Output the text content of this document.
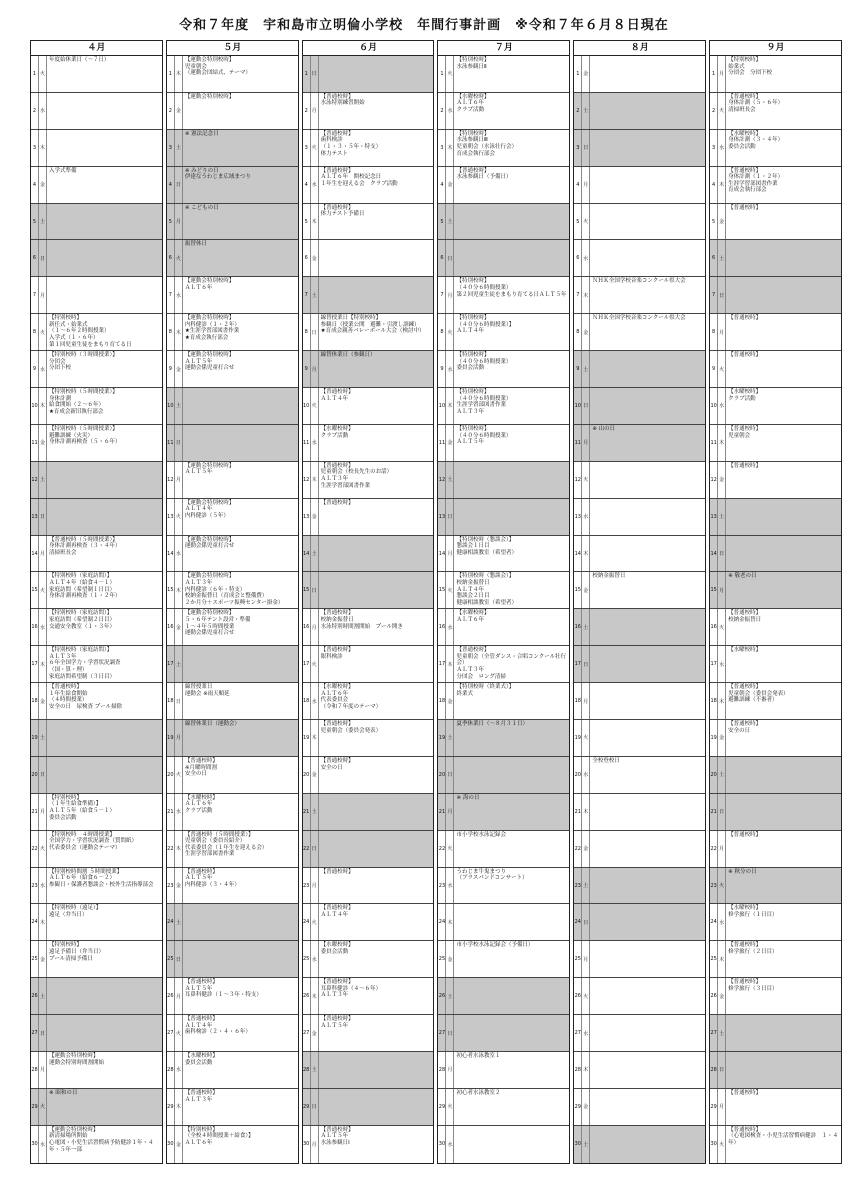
令和７年度　宇和島市立明倫小学校　年間行事計画　※令和７年６月８日現在
４月
1 火
年度始休業日（～７日）
2 水
3 木
4 金
入学式準備
5 土
6 日
7 月
8 火
【特別校時】
新任式・始業式
（１～６年２時間授業）
入学式（１・６年）
第１回児童生徒をまもり育てる日
9 水
【特別校時（３時間授業）】
分団会
分団下校
10 木
【特別校時（５時間授業）】
身体計測
給食開始（２～６年）
★育成会新旧執行部会
11 金
【特別校時（５時間授業）】
避難訓練（火災）
身体計測再検査（５・６年）
12 土
13 日
14 月
【普通校時（５時間授業）】
身体計測再検査（３・４年）
清掃班長会
15 火
【特別校時（家庭訪問）】
ＡＬＴ４年（給食４－１）
家庭訪問（希望制１日目）
身体計測再検査（１・２年）
16 水
【特別校時（家庭訪問）】
家庭訪問（希望制２日目）
交通安全教室（１・３年）
17 木
【特別校時（家庭訪問）】
ＡＬＴ３年
６年全国学力・学習状況調査
（国・算・理）
家庭訪問希望制（３日目）
18 金
【普通校時】
１年生給食開始
（４時間授業）
安全の日　尿検査 プール掃除
19 土
20 日
21 月
【特別校時】
（１年生給食準備）】
ＡＬＴ５年（給食５－１）
委員会活動
22 火
【特別校時　４時間授業】
全国学力・学習状況調査（質問紙）
代表委員会（運動会テーマ）
23 水
【特別校時間割 ５時間授業】
ＡＬＴ６年（給食６－２）
参観日・保護者懇談会・校外生活指導部会
24 木
【特別校時（遠足）】
遠足（弁当日）
25 金
【特別校時】
遠足予備日（弁当日）
プール清掃予備日
26 土
27 日
28 月
【運動会特別校時】
運動会特別時間割開始
29 火
※ 昭和の日
30 水
【運動会特別校時】
新清掃場所開始
心電図・小児生活習慣病予防健診１年・４年・５年一部
５月
1 木
【運動会特別校時】
児童朝会
（運動会団結式、テーマ）
2 金
【運動会特別校時】
3 土
※ 憲法記念日
4 日
※ みどりの日
伊達なうわじま広域まつり
5 月
※ こどもの日
6 火
振替休日
7 水
【運動会特別校時】
ＡＬＴ６年
8 木
【運動会特別校時】
内科健診（１・２年）
★生涯学習部図書作業
★育成会執行部会
9 金
【運動会特別校時】
ＡＬＴ５年
運動会係児童打合せ
10 土
11 日
12 月
【運動会特別校時】
ＡＬＴ５年
13 火
【運動会特別校時】
ＡＬＴ４年
内科健診（５年）
14 水
【運動会特別校時】
運動会係児童打合せ
15 木
【運動会特別校時】
ＡＬＴ３年
内科健診（６年・特支）
校納金振替日（育成会と整備費）
２か月分＋スポーツ振興センター掛金）
16 金
【運動会特別校時】
５・６年テント設営・準備
１～４年５時間授業
運動会係児童打合せ
17 土
18 日
線替授業日
運動会 ※雨天順延
19 月
線替休業日（運動会）
20 火
【普通校時】
※月曜時間割
安全の日
21 水
【水曜校時】
ＡＬＴ６年
クラブ活動
22 木
【普通校時（５時間授業）】
児童朝会（委員長紹介）
代表委員会（１年生を迎える会）
生涯学習部図書作業
23 金
【普通校時】
ＡＬＴ５年
内科健診（３・４年）
24 土
25 日
26 月
【普通校時】
ＡＬＴ５年
耳鼻科健診（１～３年・特支）
27 火
【普通校時】
ＡＬＴ４年
歯科検診（２・４・６年）
28 水
【水曜校時】
委員会活動
29 木
【普通校時】
ＡＬＴ３年
30 金
【特別校時】
（全校４時間授業＋給食）】
ＡＬＴ６年
６月
1 日
2 月
【普通校時】
水泳特別練習開始
3 火
【普通校時】
歯科検診
（１・３・５年・特支）
体力テスト
4 水
【普通校時】
ＡＬＴ６年　開校記念日
１年生を迎える会　クラブ活動
5 木
【普通校時】
体力テスト予備日
6 金
7 土
8 日
線替授業日【特別校時】
参観日（授業公開　避難・引渡し訓練）
★育成会親善バレーボール大会（検討中）
9 月
線替休業日（参観日）
10 火
【普通校時】
ＡＬＴ４年
11 水
【水曜校時】
クラブ活動
12 木
【普通校時】
児童朝会（校長先生のお話）
ＡＬＴ３年
生涯学習部図書作業
13 金
【普通校時】
14 土
15 日
16 月
【普通校時】
校納金振替日
水泳特別時間割開始　プール開き
17 火
【普通校時】
眼科検診
18 水
【水曜校時】
ＡＬＴ６年
代表委員会
（令和７年度のテーマ）
19 木
【普通校時】
児童朝会（委員会発表）
20 金
【普通校時】
安全の日
21 土
22 日
23 月
【普通校時】
24 火
【普通校時】
ＡＬＴ４年
25 水
【水曜校時】
委員会活動
26 木
【普通校時】
耳鼻科健診（４～６年）
ＡＬＴ３年
27 金
【普通校時】
ＡＬＴ５年
28 土
29 日
30 月
【普通校時】
ＡＬＴ５年
水泳参観日Ⅰ
７月
1 火
【特別校時】
水泳参観日Ⅱ
2 水
【水曜校時】
ＡＬＴ６年
クラブ活動
3 木
【特別校時】
水泳参観日Ⅲ
児童朝会（水泳壮行会）
育成会執行部会
4 金
【普通校時】
水泳参観日（予備日）
5 土
6 日
7 月
【特別校時】
（４０分６時間授業）
第２回児童生徒をまもり育てる日ＡＬＴ５年
8 火
【特別校時】
（４０分６時間授業）】
ＡＬＴ４年
9 水
【特別校時】
（４０分６時間授業）
委員会活動
10 木
【特別校時】
（４０分６時間授業）
生涯学習部図書作業
ＡＬＴ３年
11 金
【特別校時】
（４０分６時間授業）
ＡＬＴ５年
12 土
13 日
14 月
【特別校時（懇談会）】
懇談会１日目
健康相談教室（希望者）
15 火
【特別校時（懇談会）】
校納金振替日
ＡＬＴ４年
懇談会２日目
健康相談教室（希望者）
16 水
【水曜校時】
ＡＬＴ６年
17 木
【普通校時】
児童朝会（全管ダンス・合唱コンクール壮行会）
ＡＬＴ３年
分団会　ロング清掃
18 金
【特別校時（終業式）】
終業式
19 土
夏季休業日（～８月３１日）
20 日
21 月
※ 海の日
22 火
市小学校水泳記録会
23 水
うわじま牛鬼まつり
（ブラスバンドコンサート）
24 木
25 金
市小学校水泳記録会（予備日）
26 土
27 日
28 月
初心者水泳教室１
29 火
初心者水泳教室２
30 水
８月
1 金
2 土
3 日
4 月
5 火
6 水
7 木
ＮＨＫ全国学校音楽コンクール県大会
8 金
ＮＨＫ全国学校音楽コンクール県大会
9 土
10 日
11 月
※ 山の日
12 火
13 水
14 木
15 金
校納金振替日
16 土
17 日
18 月
19 火
20 水
全校登校日
21 木
22 金
23 土
24 日
25 月
26 火
27 水
28 木
29 金
30 土
９月
1 月
【特別校時】
始業式
分団会　分団下校
2 火
【普通校時】
身体計測（５・６年）
清掃班長会
3 水
【水曜校時】
身体計測（３・４年）
委員会活動
4 木
【普通校時】
身体計測（１・２年）
生涯学習部図書作業
育成会執行部会
5 金
【普通校時】
6 土
7 日
8 月
【普通校時】
9 火
【普通校時】
10 水
【水曜校時】
クラブ活動
11 木
【普通校時】
児童朝会
12 金
【普通校時】
13 土
14 日
15 月
※ 敬老の日
16 火
【普通校時】
校納金振替日
17 水
【水曜校時】
18 木
【普通校時】
児童朝会（委員会発表）
避難訓練（不審者）
19 金
【普通校時】
安全の日
20 土
21 日
22 月
【普通校時】
23 火
※ 秋分の日
24 水
【水曜校時】
修学旅行（１日目）
25 木
【普通校時】
修学旅行（２日目）
26 金
【普通校時】
修学旅行（３日目）
27 土
28 日
29 月
【普通校時】
30 火
【普通校時】
（心電図検査・小児生活習慣病健診　１・４年）
